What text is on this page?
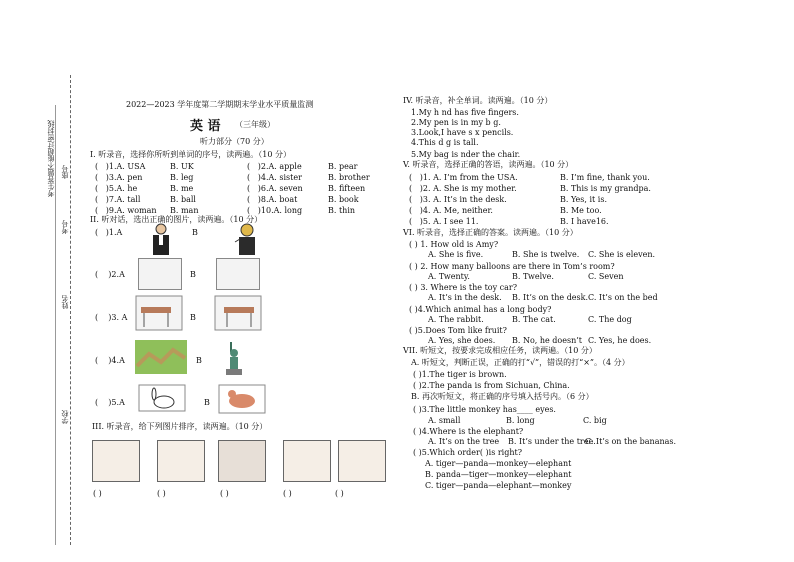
考生答题不能超过密封线
学校
姓名
考号
座号
2022—2023 学年度第二学期期末学业水平质量监测
英 语 （三年级）
听力部分（70 分）
I. 听录音，选择你所听到单词的序号，读两遍。（10 分）
(   )1.A. USA	B. UK	(   )2.A. apple	B. pear
(   )3.A. pen	B. leg	(   )4.A. sister	B. brother
(   )5.A. he	B. me	(   )6.A. seven	B. fifteen
(   )7.A. tall	B. ball	(   )8.A. boat	B. book
(   )9.A. woman B. man	(   )10.A. long	B. thin
II. 听对话，选出正确的图片，读两遍。（10 分）
(   )1.A	B
(    )2.A	B
(    )3. A	B
(    )4.A	B
(    )5.A	B
III. 听录音，给下列图片排序，读两遍。（10 分）
( )	( )	( )	( )	( )
IV. 听录音，补全单词。读两遍。（10 分）
1.My h nd has five fingers.
2.My pen is in my b g.
3.Look,I have s x pencils.
4.This d g is tall.
5.My bag is nder the chair.
V. 听录音，选择正确的答语，读两遍。（10 分）
(   )1. A. I’m from the USA.	B. I’m fine, thank you.
(   )2. A. She is my mother.	B. This is my grandpa.
(   )3. A. It’s in the desk.	B. Yes, it is.
(   )4. A. Me, neither.	B. Me too.
(   )5. A. I see 11.	B. I have16.
VI. 听录音，选择正确的答案。读两遍。（10 分）
( ) 1. How old is Amy?
A. She is five.	B. She is twelve. C. She is eleven.
( ) 2. How many balloons are there in Tom’s room?
A. Twenty.	B. Twelve.	C. Seven
( ) 3. Where is the toy car?
A. It’s in the desk. B. It’s on the desk. C. It’s on the bed
( )4.Which animal has a long body?
A. The rabbit.	B. The cat.	C. The dog
( )5.Does Tom like fruit?
A. Yes, she does. B. No, he doesn’t C. Yes, he does.
VII. 听短文，按要求完成相应任务，读两遍。（10 分）
A. 听短文，判断正误，正确的打“√”，错误的打“×”。（4 分）
( )1.The tiger is brown.
( )2.The panda is from Sichuan, China.
B. 再次听短文，将正确的序号填入括号内。（6 分）
( )3.The little monkey has____ eyes.
A. small	B. long	C. big
( )4.Where is the elephant?
A. It’s on the tree B. It’s under the tree.
C. It’s on the bananas.
( )5.Which order( )is right?
A. tiger—panda—monkey—elephant
B. panda—tiger—monkey—elephant
C. tiger—panda—elephant—monkey
